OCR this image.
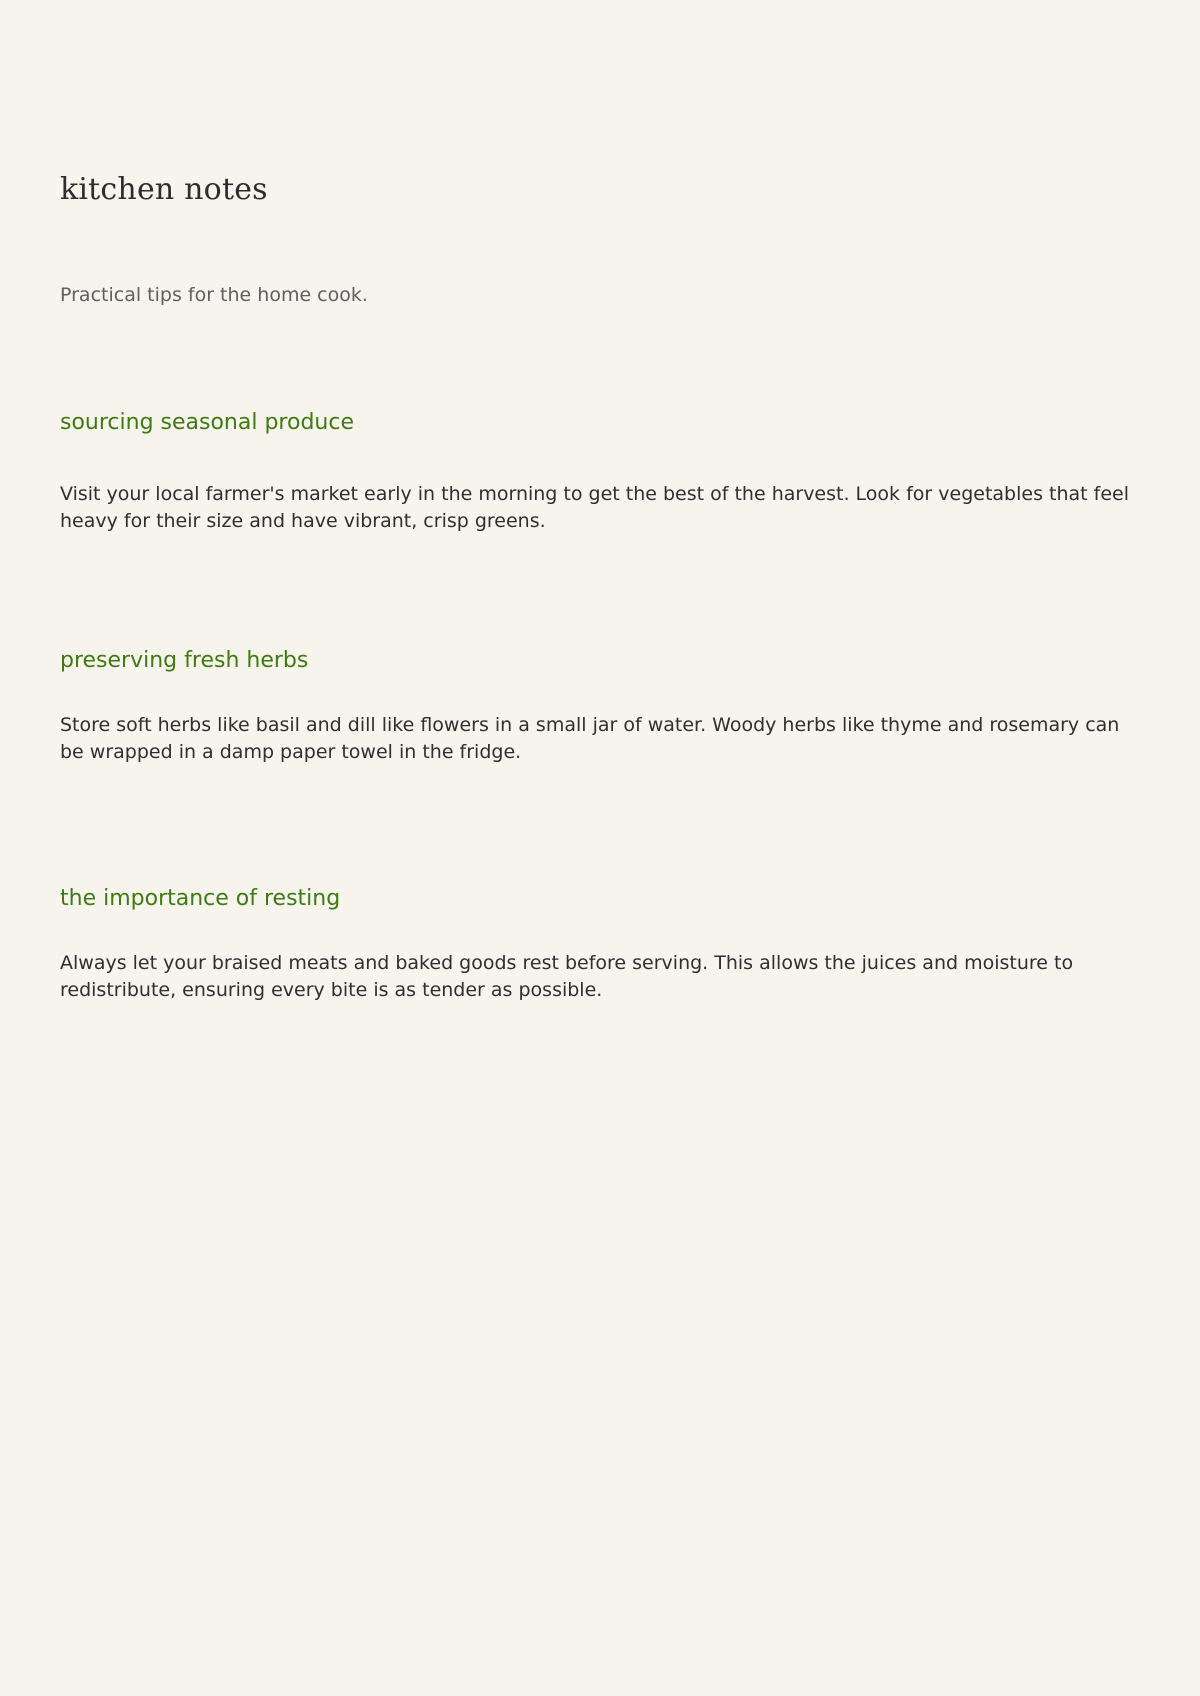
kitchen notes

Practical tips for the home cook.

sourcing seasonal produce

Visit your local farmer's market early in the morning to get the best of the harvest. Look for vegetables that feel heavy for their size and have vibrant, crisp greens.

preserving fresh herbs

Store soft herbs like basil and dill like flowers in a small jar of water. Woody herbs like thyme and rosemary can be wrapped in a damp paper towel in the fridge.

the importance of resting

Always let your braised meats and baked goods rest before serving. This allows the juices and moisture to redistribute, ensuring every bite is as tender as possible.
